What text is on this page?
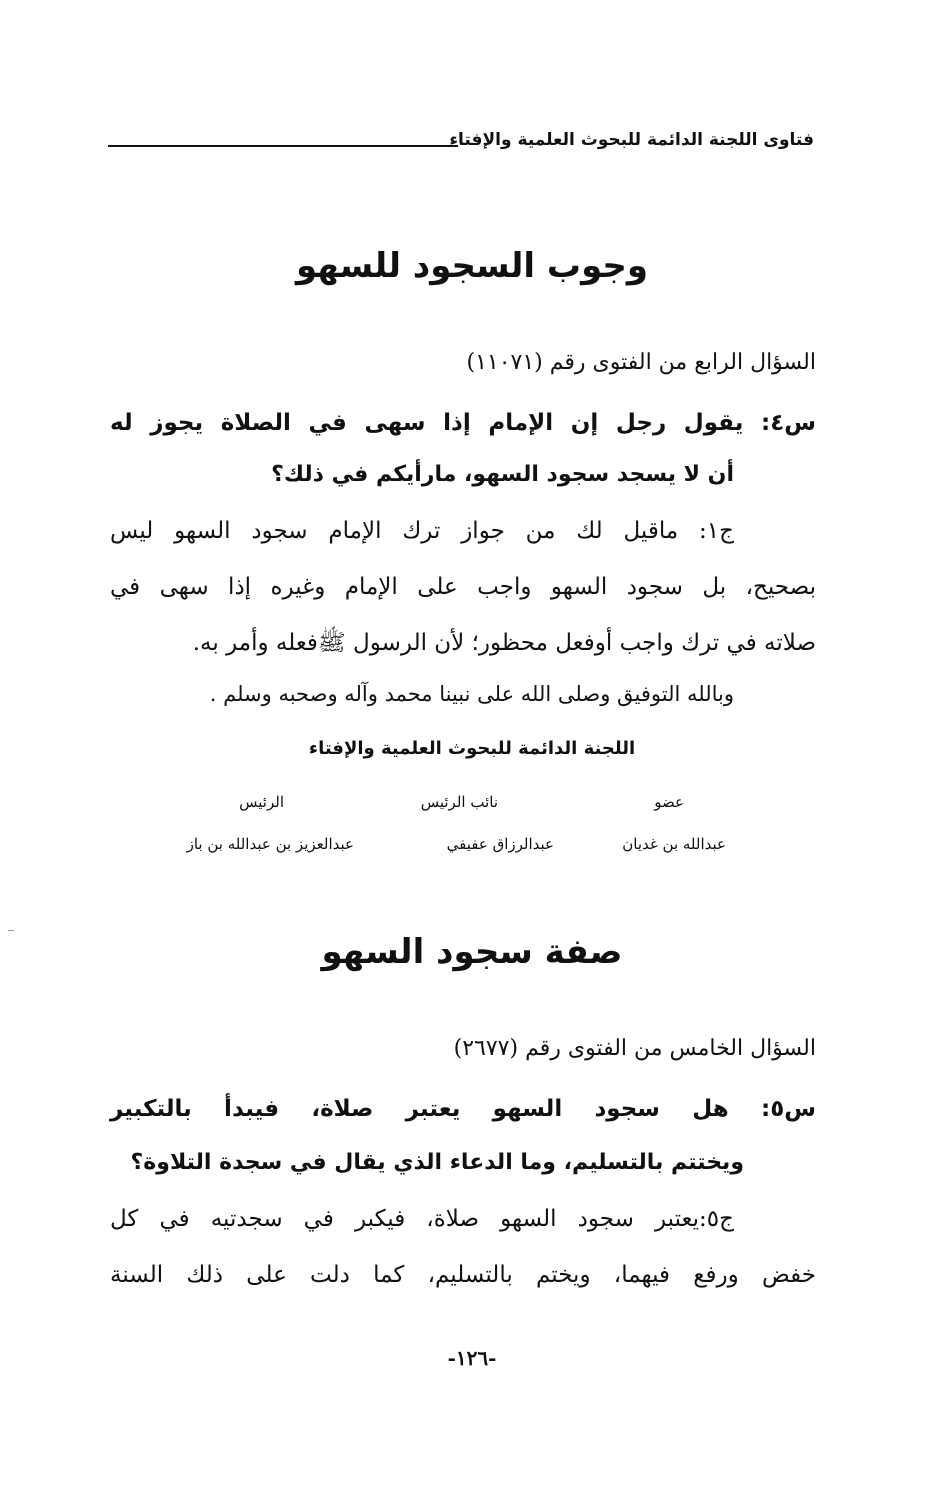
فتاوى اللجنة الدائمة للبحوث العلمية والإفتاء
وجوب السجود للسهو
السؤال الرابع من الفتوى رقم (١١٠٧١)
س٤: يقول رجل إن الإمام إذا سهى في الصلاة يجوز له
أن لا يسجد سجود السهو، مارأيكم في ذلك؟
ج١: ماقيل لك من جواز ترك الإمام سجود السهو ليس
بصحيح، بل سجود السهو واجب على الإمام وغيره إذا سهى في
صلاته في ترك واجب أوفعل محظور؛ لأن الرسول ﷺفعله وأمر به.
وبالله التوفيق وصلى الله على نبينا محمد وآله وصحبه وسلم .
اللجنة الدائمة للبحوث العلمية والإفتاء
عضو
نائب الرئيس
الرئيس
عبدالله بن غديان
عبدالرزاق عفيفي
عبدالعزيز بن عبدالله بن باز
صفة سجود السهو
السؤال الخامس من الفتوى رقم (٢٦٧٧)
س٥: هل سجود السهو يعتبر صلاة، فيبدأ بالتكبير
ويختتم بالتسليم، وما الدعاء الذي يقال في سجدة التلاوة؟
ج٥:يعتبر سجود السهو صلاة، فيكبر في سجدتيه في كل
خفض ورفع فيهما، ويختم بالتسليم، كما دلت على ذلك السنة
-١٢٦-
